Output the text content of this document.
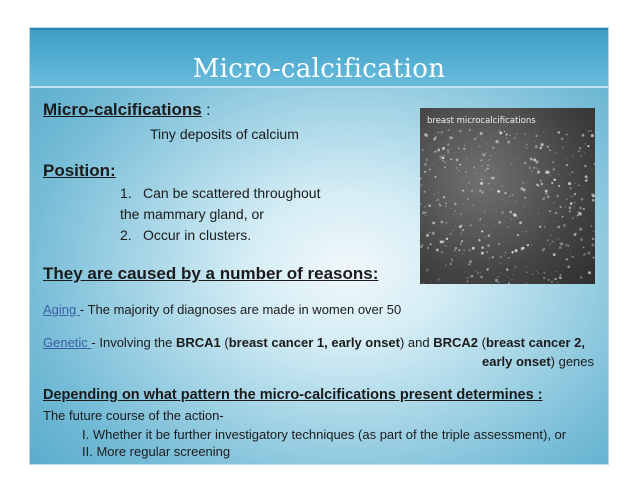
Micro-calcification
Micro-calcifications :
Tiny deposits of calcium
Position:
1. Can be scattered throughout
the mammary gland, or
2. Occur in clusters.
They are caused by a number of reasons:
Aging - The majority of diagnoses are made in women over 50
Genetic - Involving the BRCA1 (breast cancer 1, early onset) and BRCA2 (breast cancer 2,
early onset) genes
Depending on what pattern the micro-calcifications present determines :
The future course of the action-
I. Whether it be further investigatory techniques (as part of the triple assessment), or
II. More regular screening
breast microcalcifications
